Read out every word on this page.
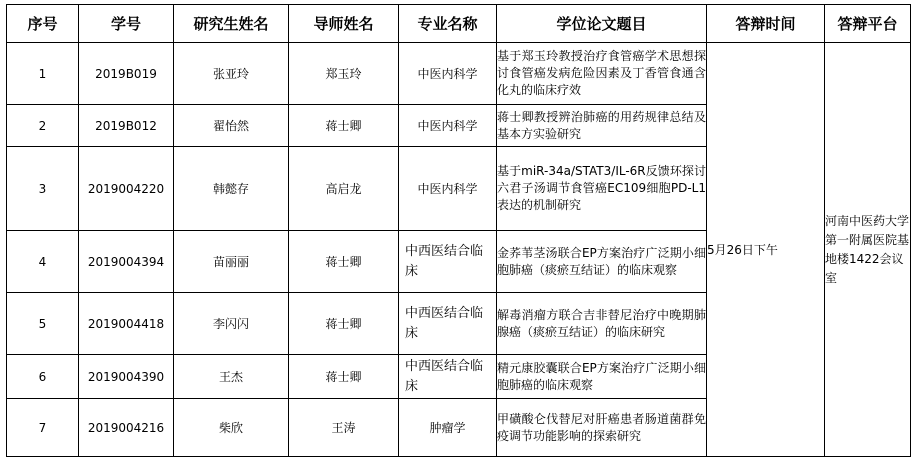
序号	学号	研究生姓名	导师姓名	专业名称	学位论文题目	答辩时间	答辩平台
1	2019B019	张亚玲	郑玉玲	中医内科学	基于郑玉玲教授治疗食管癌学术思想探讨食管癌发病危险因素及丁香管食通含化丸的临床疗效	5月26日下午	河南中医药大学第一附属医院基地楼1422会议室
2	2019B012	翟怡然	蒋士卿	中医内科学	蒋士卿教授辨治肺癌的用药规律总结及基本方实验研究		
3	2019004220	韩懿存	高启龙	中医内科学	基于miR-34a/STAT3/IL-6R反馈环探讨六君子汤调节食管癌EC109细胞PD-L1表达的机制研究		
4	2019004394	苗丽丽	蒋士卿	中西医结合临床	金荞苇茎汤联合EP方案治疗广泛期小细胞肺癌（痰瘀互结证）的临床观察		
5	2019004418	李闪闪	蒋士卿	中西医结合临床	解毒消瘤方联合吉非替尼治疗中晚期肺腺癌（痰瘀互结证）的临床研究		
6	2019004390	王杰	蒋士卿	中西医结合临床	精元康胶囊联合EP方案治疗广泛期小细胞肺癌的临床观察		
7	2019004216	柴欣	王涛	肿瘤学	甲磺酸仑伐替尼对肝癌患者肠道菌群免疫调节功能影响的探索研究		
